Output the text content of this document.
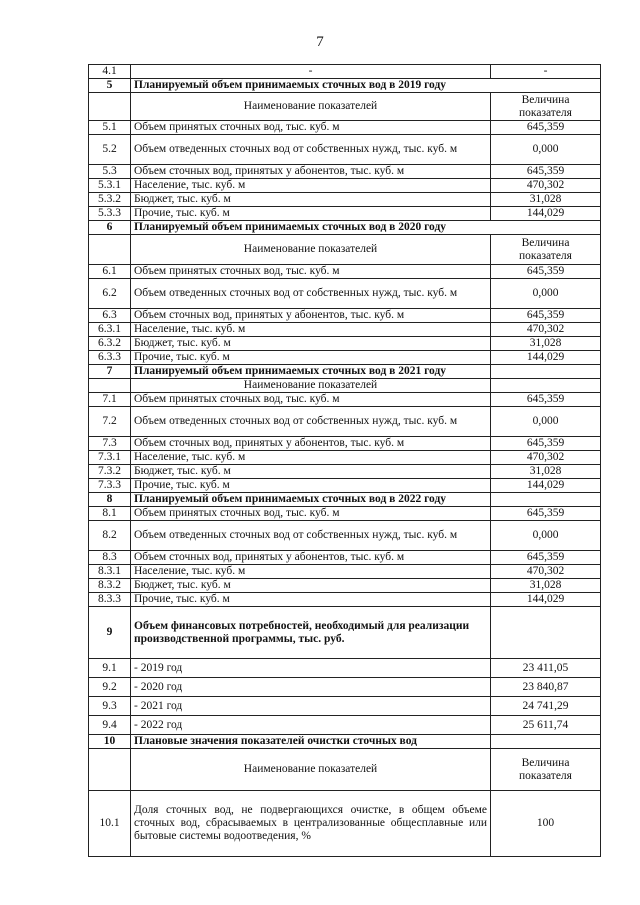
7
4.1	-	-
5	Планируемый объем принимаемых сточных вод в 2019 году	
	Наименование показателей	Величина показателя
5.1	Объем принятых сточных вод, тыс. куб. м	645,359
5.2	Объем отведенных сточных вод от собственных нужд, тыс. куб. м	0,000
5.3	Объем сточных вод, принятых у абонентов, тыс. куб. м	645,359
5.3.1	Население, тыс. куб. м	470,302
5.3.2	Бюджет, тыс. куб. м	31,028
5.3.3	Прочие, тыс. куб. м	144,029
6	Планируемый объем принимаемых сточных вод в 2020 году	
	Наименование показателей	Величина показателя
6.1	Объем принятых сточных вод, тыс. куб. м	645,359
6.2	Объем отведенных сточных вод от собственных нужд, тыс. куб. м	0,000
6.3	Объем сточных вод, принятых у абонентов, тыс. куб. м	645,359
6.3.1	Население, тыс. куб. м	470,302
6.3.2	Бюджет, тыс. куб. м	31,028
6.3.3	Прочие, тыс. куб. м	144,029
7	Планируемый объем принимаемых сточных вод в 2021 году	
	Наименование показателей	
7.1	Объем принятых сточных вод, тыс. куб. м	645,359
7.2	Объем отведенных сточных вод от собственных нужд, тыс. куб. м	0,000
7.3	Объем сточных вод, принятых у абонентов, тыс. куб. м	645,359
7.3.1	Население, тыс. куб. м	470,302
7.3.2	Бюджет, тыс. куб. м	31,028
7.3.3	Прочие, тыс. куб. м	144,029
8	Планируемый объем принимаемых сточных вод в 2022 году	
8.1	Объем принятых сточных вод, тыс. куб. м	645,359
8.2	Объем отведенных сточных вод от собственных нужд, тыс. куб. м	0,000
8.3	Объем сточных вод, принятых у абонентов, тыс. куб. м	645,359
8.3.1	Население, тыс. куб. м	470,302
8.3.2	Бюджет, тыс. куб. м	31,028
8.3.3	Прочие, тыс. куб. м	144,029
9	Объем финансовых потребностей, необходимый для реализации производственной программы, тыс. руб.	
9.1	- 2019 год	23 411,05
9.2	- 2020 год	23 840,87
9.3	- 2021 год	24 741,29
9.4	- 2022 год	25 611,74
10	Плановые значения показателей очистки сточных вод	
	Наименование показателей	Величина показателя
10.1	Доля сточных вод, не подвергающихся очистке, в общем объеме сточных вод, сбрасываемых в централизованные общесплавные или бытовые системы водоотведения, %	100
